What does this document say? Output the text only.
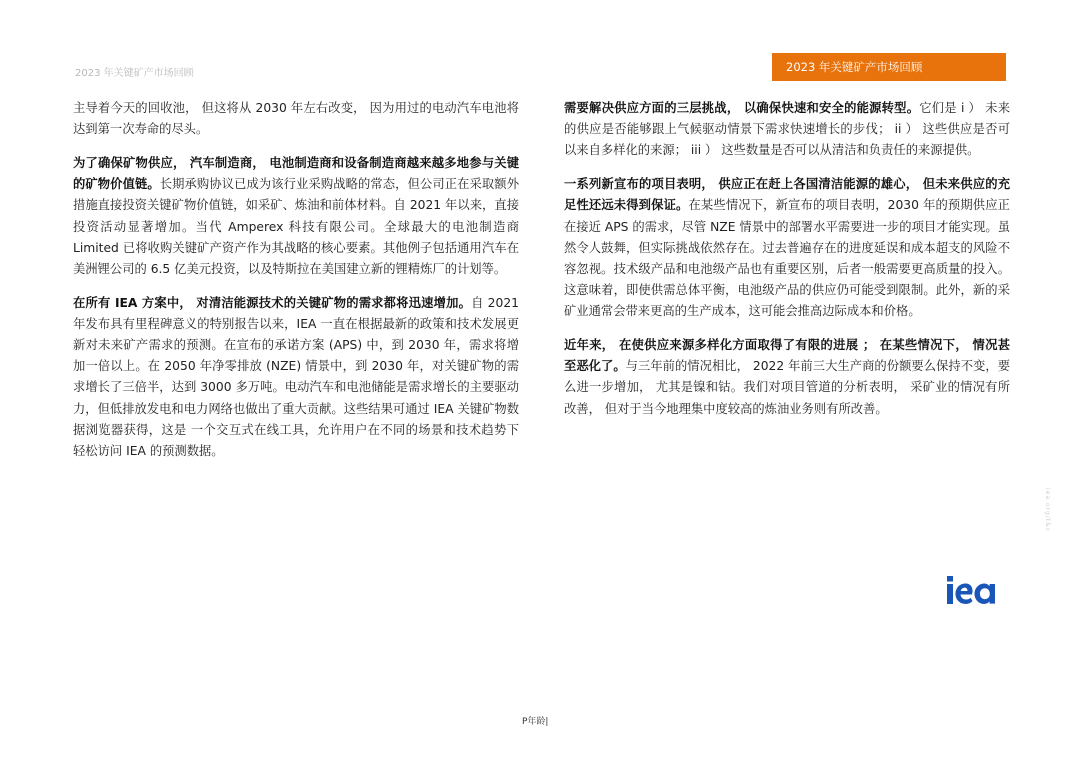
2023 年关键矿产市场回顾	2023 年关键矿产市场回顾

主导着今天的回收池， 但这将从 2030 年左右改变， 因为用过的电动汽车电池将达到第一次寿命的尽头。

为了确保矿物供应， 汽车制造商， 电池制造商和设备制造商越来越多地参与关键的矿物价值链。长期承购协议已成为该行业采购战略的常态，但公司正在采取额外措施直接投资关键矿物价值链，如采矿、炼油和前体材料。自 2021 年以来，直接投资活动显著增加。当代 Amperex 科技有限公司。全球最大的电池制造商 Limited 已将收购关键矿产资产作为其战略的核心要素。其他例子包括通用汽车在美洲锂公司的 6.5 亿美元投资，以及特斯拉在美国建立新的锂精炼厂的计划等。

在所有 IEA 方案中， 对清洁能源技术的关键矿物的需求都将迅速增加。自 2021 年发布具有里程碑意义的特别报告以来，IEA 一直在根据最新的政策和技术发展更新对未来矿产需求的预测。在宣布的承诺方案 (APS) 中，到 2030 年，需求将增加一倍以上。在 2050 年净零排放 (NZE) 情景中，到 2030 年，对关键矿物的需求增长了三倍半，达到 3000 多万吨。电动汽车和电池储能是需求增长的主要驱动力，但低排放发电和电力网络也做出了重大贡献。这些结果可通过 IEA 关键矿物数据浏览器获得，这是 一个交互式在线工具，允许用户在不同的场景和技术趋势下轻松访问 IEA 的预测数据。

需要解决供应方面的三层挑战， 以确保快速和安全的能源转型。它们是 i ） 未来的供应是否能够跟上气候驱动情景下需求快速增长的步伐； ii ） 这些供应是否可以来自多样化的来源； iii ） 这些数量是否可以从清洁和负责任的来源提供。

一系列新宣布的项目表明， 供应正在赶上各国清洁能源的雄心， 但未来供应的充足性还远未得到保证。在某些情况下，新宣布的项目表明，2030 年的预期供应正在接近 APS 的需求，尽管 NZE 情景中的部署水平需要进一步的项目才能实现。虽然令人鼓舞，但实际挑战依然存在。过去普遍存在的进度延误和成本超支的风险不容忽视。技术级产品和电池级产品也有重要区别，后者一般需要更高质量的投入。这意味着，即使供需总体平衡，电池级产品的供应仍可能受到限制。此外，新的采矿业通常会带来更高的生产成本，这可能会推高边际成本和价格。

近年来， 在使供应来源多样化方面取得了有限的进展 ； 在某些情况下， 情况甚至恶化了。与三年前的情况相比， 2022 年前三大生产商的份额要么保持不变，要么进一步增加， 尤其是镍和钴。我们对项目管道的分析表明， 采矿业的情况有所改善， 但对于当今地理集中度较高的炼油业务则有所改善。

iea.org/t&c
P年龄|
